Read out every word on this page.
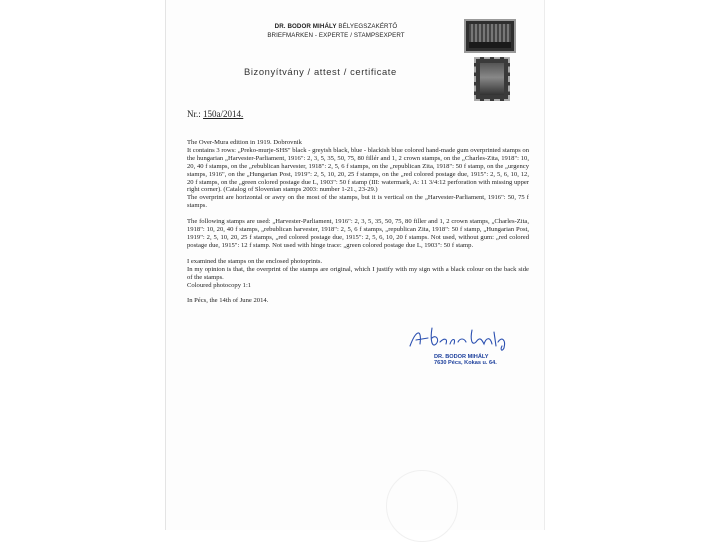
DR. BODOR MIHÁLY BÉLYEGSZAKÉRTŐ
BRIEFMARKEN - EXPERTE / STAMPSEXPERT
Bizonyítvány / attest / certificate
Nr.: 150a/2014.

The Over-Mura edition in 1919. Dobrovnik

It contains 3 rows: „Preko-murje-SHS" black - greyish black, blue - blackish blue colored hand-made gum overprinted stamps on the hungarian „Harvester-Parliament, 1916": 2, 3, 5, 35, 50, 75, 80 fillér and 1, 2 crown stamps, on the „Charles-Zita, 1918": 10, 20, 40 f stamps, on the „rebublican harvester, 1918": 2, 5, 6 f stamps, on the „republican Zita, 1918": 50 f stamp, on the „urgency stamps, 1916", on the „Hungarian Post, 1919": 2, 5, 10, 20, 25 f stamps, on the „red colored postage due, 1915": 2, 5, 6, 10, 12, 20 f stamps, on the „green colored postage due L, 1903": 50 f stamp (III: watermark, A: 11 3/4:12 perforation with missing upper right corner). (Catalog of Slovenian stamps 2003: number 1-21., 23-29.)

The overprint are horizontal or awry on the most of the stamps, but it is vertical on the „Harvester-Parliament, 1916": 50, 75 f stamps.

The following stamps are used: „Harvester-Parliament, 1916": 2, 3, 5, 35, 50, 75, 80 filler and 1, 2 crown stamps, „Charles-Zita, 1918": 10, 20, 40 f stamps, „rebublican harvester, 1918": 2, 5, 6 f stamps, „republican Zita, 1918": 50 f stamp, „Hungarian Post, 1919": 2, 5, 10, 20, 25 f stamps, „red colored postage due, 1915": 2, 5, 6, 10, 20 f stamps. Not used, without gum: „red colored postage due, 1915": 12 f stamp. Not used with hinge trace: „green colored postage due L, 1903": 50 f stamp.

I examined the stamps on the enclosed photoprints.

In my opinion is that, the overprint of the stamps are original, which I justify with my sign with a black colour on the back side of the stamps.

Coloured photocopy 1:1

In Pécs, the 14th of June 2014.

DR. BODOR MIHÁLY
7630 Pécs, Kokas u. 64.
